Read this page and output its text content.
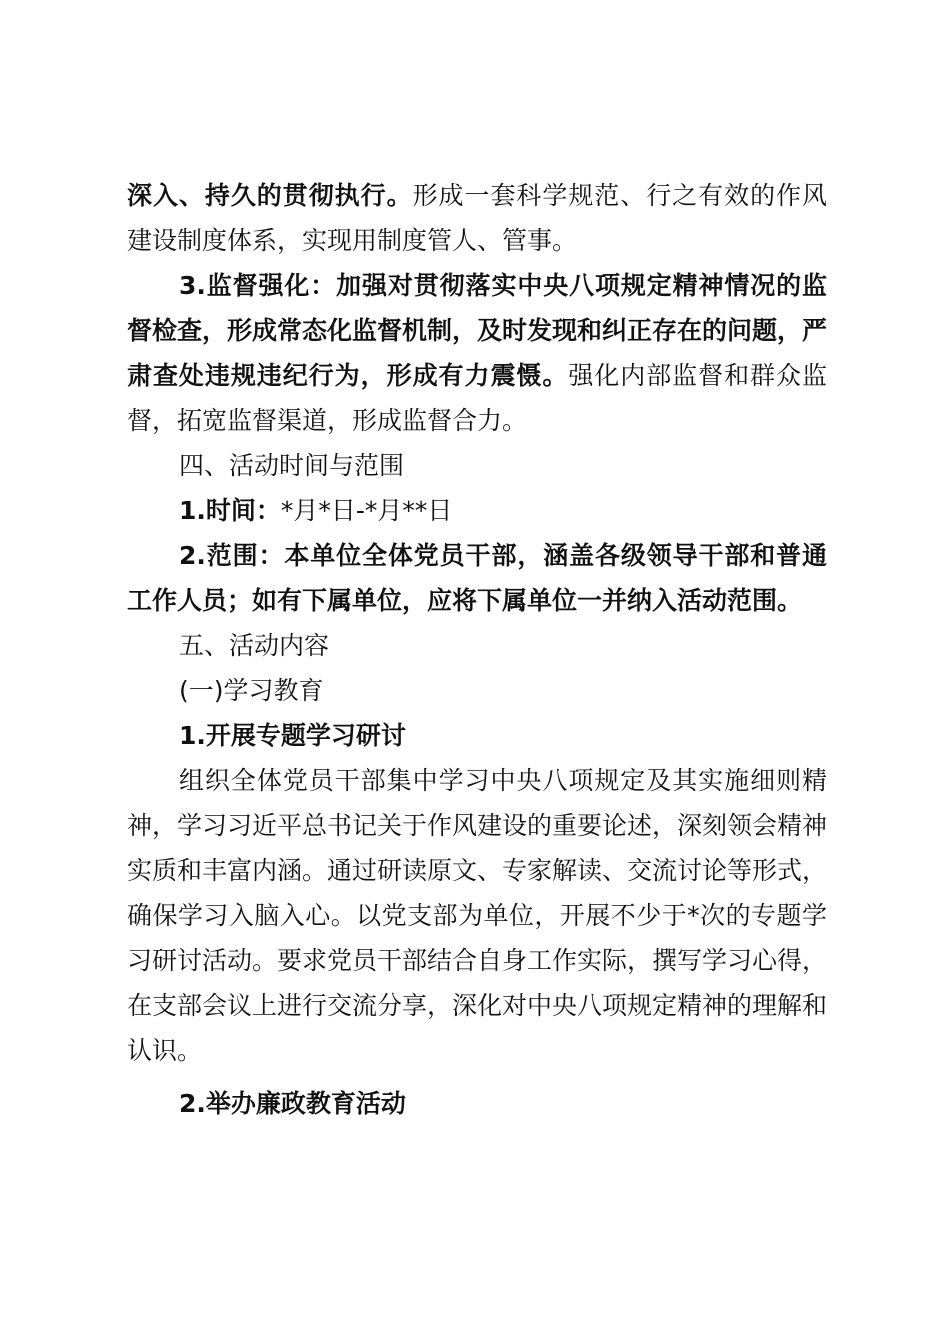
深入、持久的贯彻执行。形成一套科学规范、行之有效的作风建设制度体系，实现用制度管人、管事。

3.监督强化：加强对贯彻落实中央八项规定精神情况的监督检查，形成常态化监督机制，及时发现和纠正存在的问题，严肃查处违规违纪行为，形成有力震慑。强化内部监督和群众监督，拓宽监督渠道，形成监督合力。

四、活动时间与范围

1.时间：*月*日-*月**日

2.范围：本单位全体党员干部，涵盖各级领导干部和普通工作人员；如有下属单位，应将下属单位一并纳入活动范围。

五、活动内容

(一)学习教育

1.开展专题学习研讨

组织全体党员干部集中学习中央八项规定及其实施细则精神，学习习近平总书记关于作风建设的重要论述，深刻领会精神实质和丰富内涵。通过研读原文、专家解读、交流讨论等形式，确保学习入脑入心。以党支部为单位，开展不少于*次的专题学习研讨活动。要求党员干部结合自身工作实际，撰写学习心得，在支部会议上进行交流分享，深化对中央八项规定精神的理解和认识。

2.举办廉政教育活动
